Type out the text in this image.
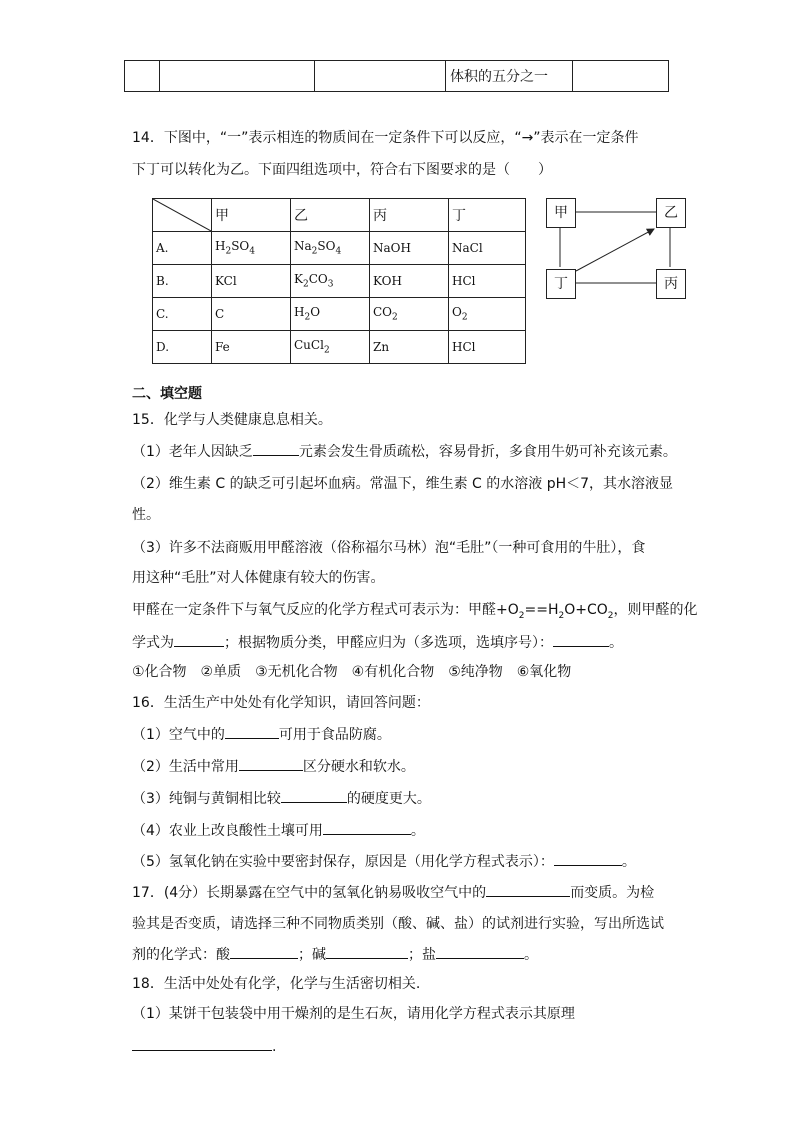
			体积的五分之一	
14．下图中，“一”表示相连的物质间在一定条件下可以反应，“→”表示在一定条件
下丁可以转化为乙。下面四组选项中，符合右下图要求的是（　　）
	甲	乙	丙	丁
A.	$H_2SO_4$	$Na_2SO_4$	NaOH	NaCl
B.	KCl	$K_2CO_3$	KOH	HCl
C.	C	$H_2O$	$CO_2$	$O_2$
D.	Fe	CuCl$_2$	Zn	HCl
甲	乙
丁	丙
二、填空题
15．化学与人类健康息息相关。
（1）老年人因缺乏	元素会发生骨质疏松，容易骨折，多食用牛奶可补充该元素。
（2）维生素 C 的缺乏可引起坏血病。常温下，维生素 C 的水溶液 pH＜7，其水溶液显
性。
（3）许多不法商贩用甲醛溶液（俗称福尔马林）泡“毛肚”（一种可食用的牛肚），食
用这种“毛肚”对人体健康有较大的伤害。
甲醛在一定条件下与氧气反应的化学方程式可表示为：甲醛$+O_2==H_2O+CO_2$，则甲醛的化
学式为	；根据物质分类，甲醛应归为（多选项，选填序号）：	。
①化合物　②单质　③无机化合物　④有机化合物　⑤纯净物　⑥氧化物
16．生活生产中处处有化学知识，请回答问题：
（1）空气中的	可用于食品防腐。
（2）生活中常用	区分硬水和软水。
（3）纯铜与黄铜相比较	的硬度更大。
（4）农业上改良酸性土壤可用	。
（5）氢氧化钠在实验中要密封保存，原因是（用化学方程式表示）：	。
17．(4分）长期暴露在空气中的氢氧化钠易吸收空气中的	而变质。为检
验其是否变质，请选择三种不同物质类别（酸、碱、盐）的试剂进行实验，写出所选试
剂的化学式：酸	；碱	；盐	。
18．生活中处处有化学，化学与生活密切相关.
（1）某饼干包装袋中用干燥剂的是生石灰，请用化学方程式表示其原理
.
